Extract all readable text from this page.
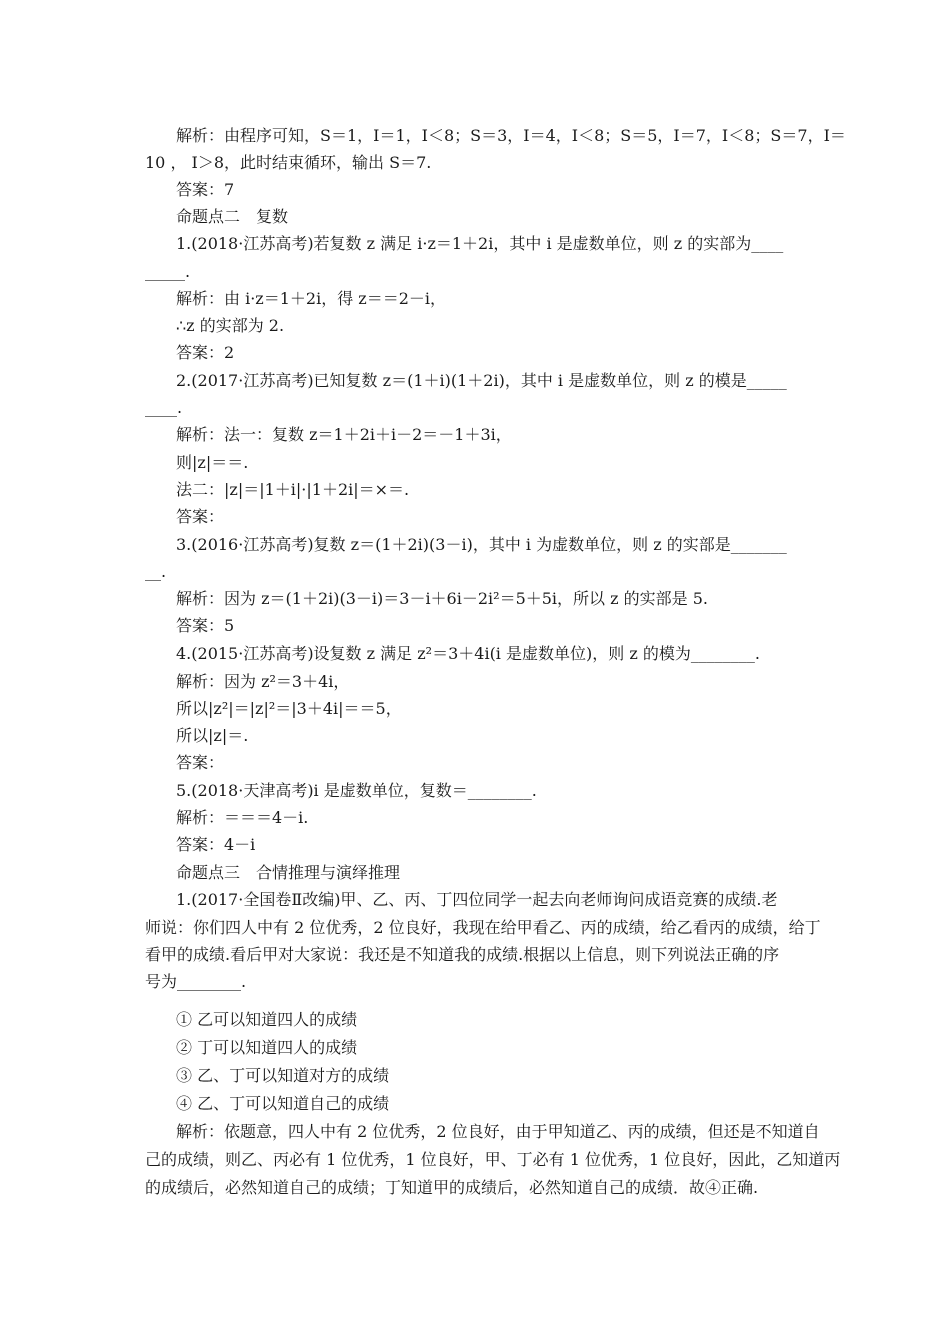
解析：由程序可知，S＝1，I＝1，I＜8；S＝3，I＝4，I＜8；S＝5，I＝7，I＜8；S＝7，I＝
10 ， I＞8，此时结束循环，输出 S＝7.
答案：7
命题点二　复数
1.(2018·江苏高考)若复数 z 满足 i·z＝1＋2i，其中 i 是虚数单位，则 z 的实部为____
_____.
解析：由 i·z＝1＋2i，得 z＝＝2－i，
∴z 的实部为 2.
答案：2
2.(2017·江苏高考)已知复数 z＝(1＋i)(1＋2i)，其中 i 是虚数单位，则 z 的模是_____
____.
解析：法一：复数 z＝1＋2i＋i－2＝－1＋3i，
则|z|＝＝.
法二：|z|＝|1＋i|·|1＋2i|＝×＝.
答案：
3.(2016·江苏高考)复数 z＝(1＋2i)(3－i)，其中 i 为虚数单位，则 z 的实部是_______
__.
解析：因为 z＝(1＋2i)(3－i)＝3－i＋6i－2i²＝5＋5i，所以 z 的实部是 5.
答案：5
4.(2015·江苏高考)设复数 z 满足 z²＝3＋4i(i 是虚数单位)，则 z 的模为________.
解析：因为 z²＝3＋4i，
所以|z²|＝|z|²＝|3＋4i|＝＝5，
所以|z|＝.
答案：
5.(2018·天津高考)i 是虚数单位，复数＝________.
解析：＝＝＝4－i.
答案：4－i
命题点三　合情推理与演绎推理
1.(2017·全国卷Ⅱ改编)甲、乙、丙、丁四位同学一起去向老师询问成语竞赛的成绩.老
师说：你们四人中有 2 位优秀，2 位良好，我现在给甲看乙、丙的成绩，给乙看丙的成绩，给丁
看甲的成绩.看后甲对大家说：我还是不知道我的成绩.根据以上信息，则下列说法正确的序
号为________.
① 乙可以知道四人的成绩
② 丁可以知道四人的成绩
③ 乙、丁可以知道对方的成绩
④ 乙、丁可以知道自己的成绩
解析：依题意，四人中有 2 位优秀，2 位良好，由于甲知道乙、丙的成绩，但还是不知道自
己的成绩，则乙、丙必有 1 位优秀，1 位良好，甲、丁必有 1 位优秀，1 位良好，因此，乙知道丙
的成绩后，必然知道自己的成绩；丁知道甲的成绩后，必然知道自己的成绩．故④正确.
